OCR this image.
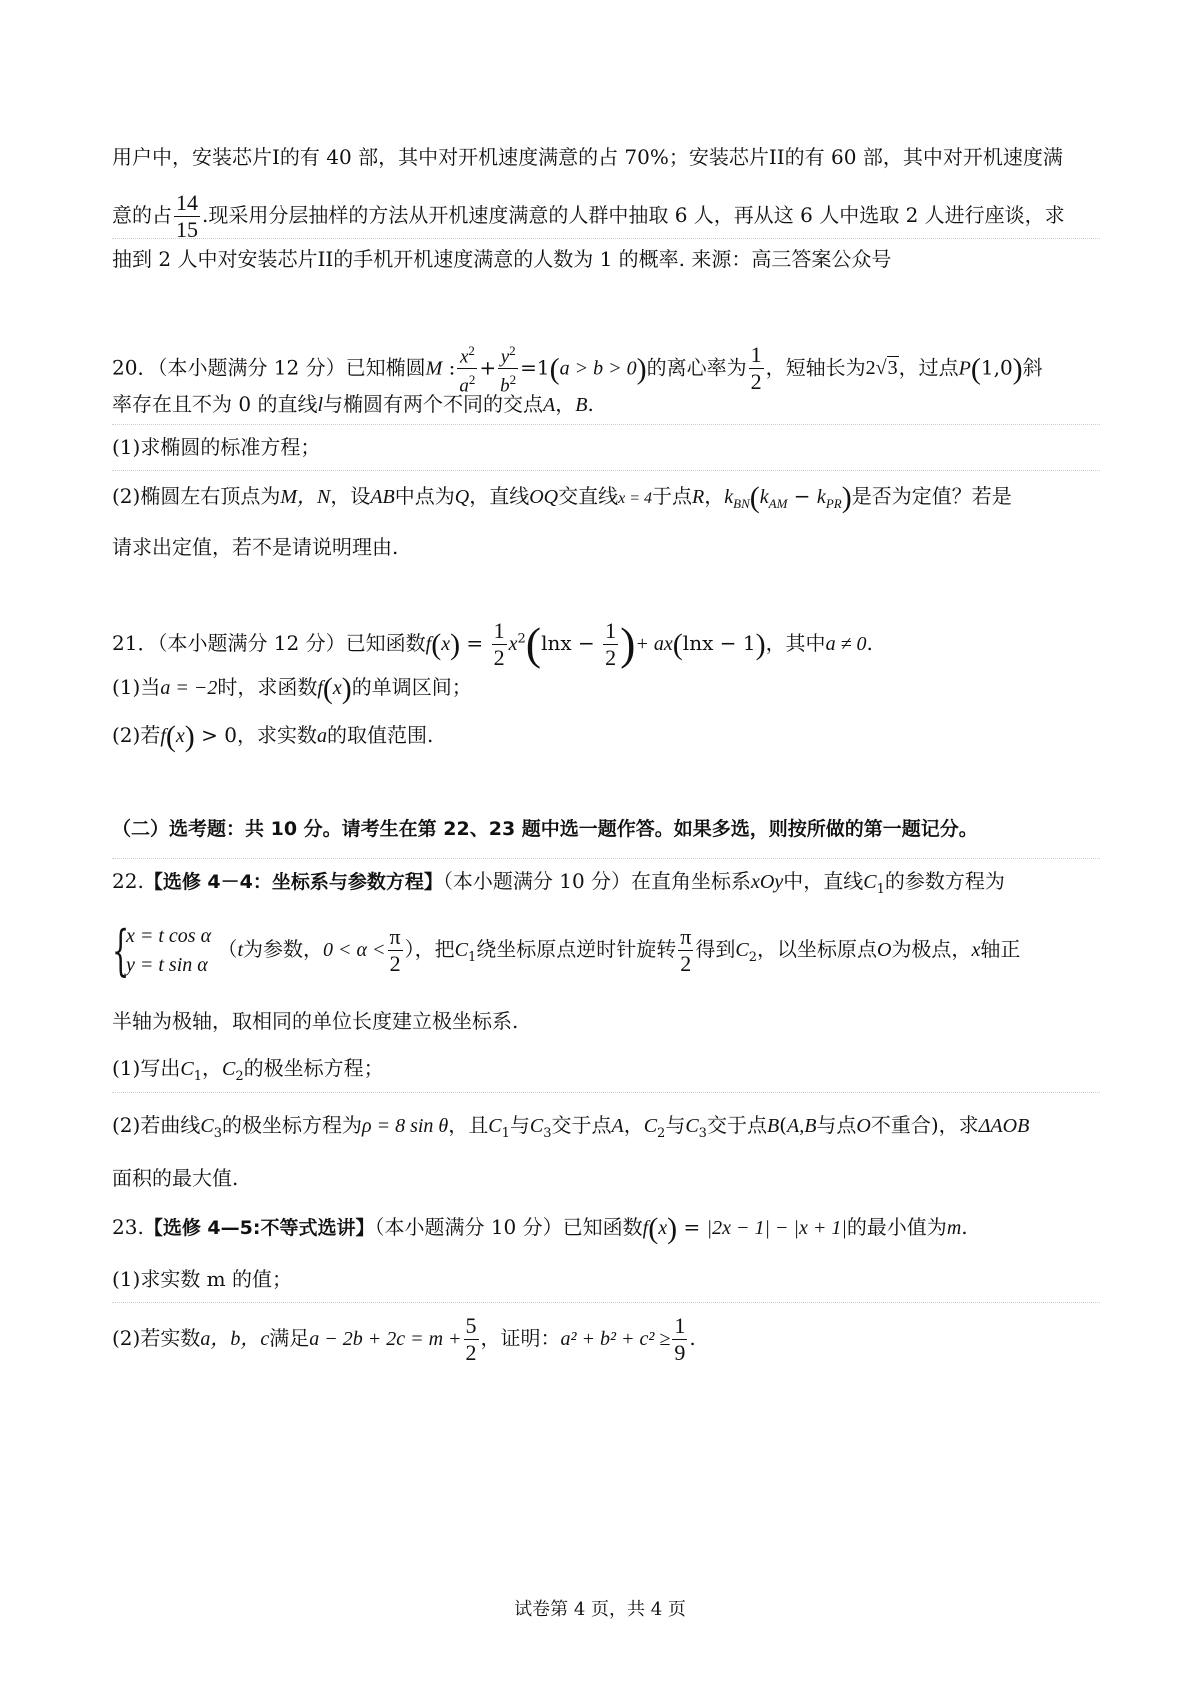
用户中，安装芯片I的有 40 部，其中对开机速度满意的占 70%；安装芯片II的有 60 部，其中对开机速度满
意的占 $\frac{14}{15}$ .现采用分层抽样的方法从开机速度满意的人群中抽取 6 人，再从这 6 人中选取 2 人进行座谈，求
抽到 2 人中对安装芯片II的手机开机速度满意的人数为 1 的概率. 来源：高三答案公众号
20．（本小题满分 12 分）已知椭圆M : $\frac{x^2}{a^2} + \frac{y^2}{b^2} =1(a > b > 0)$的离心率为 $\frac{1}{2}$ ，短轴长为2√3，过点P(1,0)斜
率存在且不为 0 的直线l与椭圆有两个不同的交点A，B.
(1)求椭圆的标准方程；
(2)椭圆左右顶点为M，N，设AB中点为Q，直线OQ交直线x = 4于点R，$k_{BN}(k_{AM} - k_{PR})$是否为定值？若是
请求出定值，若不是请说明理由.
21．（本小题满分 12 分）已知函数$f(x) = \frac{1}{2} x^2(\ln x - \frac{1}{2}$ )+ ax(lnx − 1)，其中a ≠ 0.
(1)当a = −2时，求函数f(x)的单调区间；
(2)若f(x) > 0，求实数a的取值范围.
（二）选考题：共 10 分。请考生在第 22、23 题中选一题作答。如果多选，则按所做的第一题记分。
22.【选修 4－4：坐标系与参数方程】（本小题满分 10 分）在直角坐标系xOy中，直线$C_1$的参数方程为
{
x = t cos α
y = t sin α
（t为参数，$0 < \alpha < \frac{\pi}{2}$ ），把$C_1$绕坐标原点逆时针旋转 $\frac{\pi}{2}$ 得到$C_2$，以坐标原点O为极点，x轴正
半轴为极轴，取相同的单位长度建立极坐标系.
(1)写出$C_1$，$C_2$的极坐标方程；
(2)若曲线$C_3$的极坐标方程为ρ = 8 sin θ，且$C_1$与$C_3$交于点A，$C_2$与$C_3$交于点B(A,B与点O不重合)，求ΔAOB
面积的最大值.
23.【选修 4—5:不等式选讲】（本小题满分 10 分）已知函数f(x) = |2x − 1| − |x + 1|的最小值为m.
(1)求实数 m 的值；
(2)若实数a，b，c满足$a - 2b + 2c = m + \frac{5}{2}$ ，证明：$a^2 + b^2 + c^2 \ge \frac{1}{9}$ .
试卷第 4 页，共 4 页
